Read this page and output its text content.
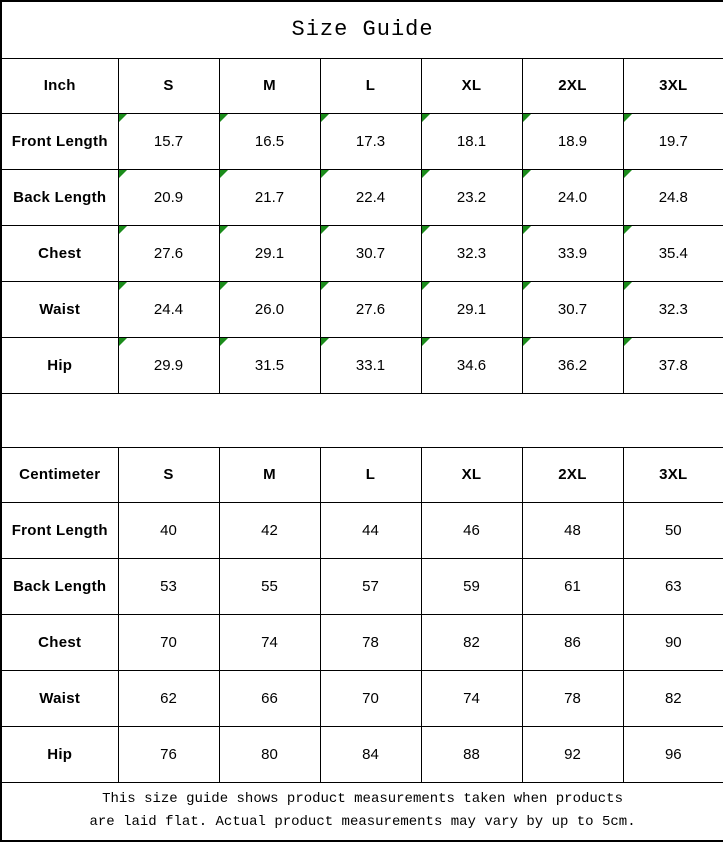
Size Guide						
Inch	S	M	L	XL	2XL	3XL
Front Length	15.7	16.5	17.3	18.1	18.9	19.7
Back Length	20.9	21.7	22.4	23.2	24.0	24.8
Chest	27.6	29.1	30.7	32.3	33.9	35.4
Waist	24.4	26.0	27.6	29.1	30.7	32.3
Hip	29.9	31.5	33.1	34.6	36.2	37.8

Centimeter	S	M	L	XL	2XL	3XL
Front Length	40	42	44	46	48	50
Back Length	53	55	57	59	61	63
Chest	70	74	78	82	86	90
Waist	62	66	70	74	78	82
Hip	76	80	84	88	92	96

This size guide shows product measurements taken when products
are laid flat. Actual product measurements may vary by up to 5cm.						
